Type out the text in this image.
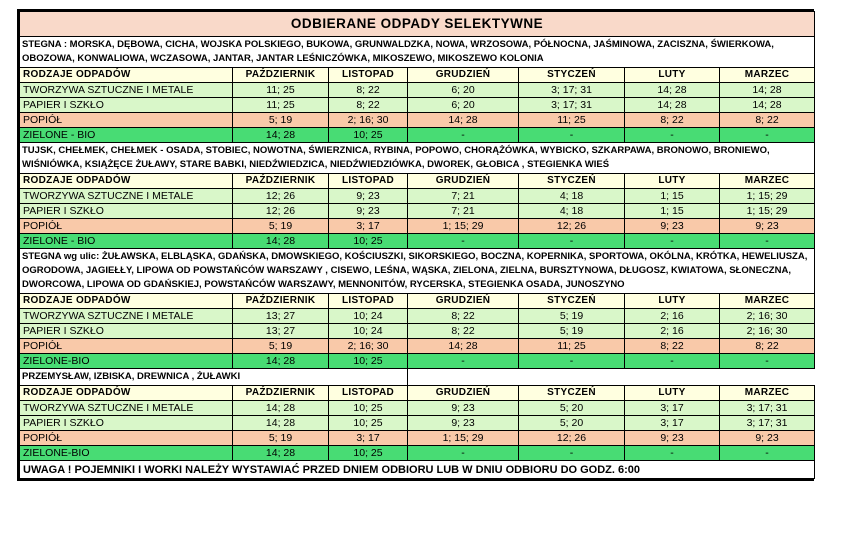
ODBIERANE ODPADY SELEKTYWNE						
STEGNA : MORSKA, DĘBOWA, CICHA, WOJSKA POLSKIEGO, BUKOWA, GRUNWALDZKA, NOWA, WRZOSOWA, PÓŁNOCNA, JAŚMINOWA, ZACISZNA, ŚWIERKOWA, OBOZOWA, KONWALIOWA, WCZASOWA, JANTAR, JANTAR LEŚNICZÓWKA, MIKOSZEWO, MIKOSZEWO KOLONIA						
RODZAJE ODPADÓW	PAŹDZIERNIK	LISTOPAD	GRUDZIEŃ	STYCZEŃ	LUTY	MARZEC
TWORZYWA SZTUCZNE I METALE	11; 25	8; 22	6; 20	3; 17; 31	14; 28	14; 28
PAPIER I SZKŁO	11; 25	8; 22	6; 20	3; 17; 31	14; 28	14; 28
POPIÓŁ	5; 19	2; 16; 30	14; 28	11; 25	8; 22	8; 22
ZIELONE - BIO	14; 28	10; 25	-	-	-	-
TUJSK, CHEŁMEK, CHEŁMEK - OSADA, STOBIEC, NOWOTNA, ŚWIERZNICA, RYBINA, POPOWO, CHORĄŻÓWKA, WYBICKO, SZKARPAWA, BRONOWO, BRONIEWO, WIŚNIÓWKA, KSIĄŻĘCE ŻUŁAWY, STARE BABKI, NIEDŹWIEDZICA, NIEDŹWIEDZIÓWKA, DWOREK, GŁOBICA , STEGIENKA WIEŚ						
RODZAJE ODPADÓW	PAŹDZIERNIK	LISTOPAD	GRUDZIEŃ	STYCZEŃ	LUTY	MARZEC
TWORZYWA SZTUCZNE I METALE	12; 26	9; 23	7; 21	4; 18	1; 15	1; 15; 29
PAPIER I SZKŁO	12; 26	9; 23	7; 21	4; 18	1; 15	1; 15; 29
POPIÓŁ	5; 19	3; 17	1; 15; 29	12; 26	9; 23	9; 23
ZIELONE - BIO	14; 28	10; 25	-	-	-	-
STEGNA wg ulic: ŻUŁAWSKA, ELBLĄSKA, GDAŃSKA, DMOWSKIEGO, KOŚCIUSZKI, SIKORSKIEGO, BOCZNA, KOPERNIKA, SPORTOWA, OKÓLNA, KRÓTKA, HEWELIUSZA, OGRODOWA, JAGIEŁŁY, LIPOWA OD POWSTAŃCÓW WARSZAWY , CISEWO, LEŚNA, WĄSKA, ZIELONA, ZIELNA, BURSZTYNOWA, DŁUGOSZ, KWIATOWA, SŁONECZNA, DWORCOWA, LIPOWA OD GDAŃSKIEJ, POWSTAŃCÓW WARSZAWY, MENNONITÓW, RYCERSKA, STEGIENKA OSADA, JUNOSZYNO						
RODZAJE ODPADÓW	PAŹDZIERNIK	LISTOPAD	GRUDZIEŃ	STYCZEŃ	LUTY	MARZEC
TWORZYWA SZTUCZNE I METALE	13; 27	10; 24	8; 22	5; 19	2; 16	2; 16; 30
PAPIER I SZKŁO	13; 27	10; 24	8; 22	5; 19	2; 16	2; 16; 30
POPIÓŁ	5; 19	2; 16; 30	14; 28	11; 25	8; 22	8; 22
ZIELONE-BIO	14; 28	10; 25	-	-	-	-
PRZEMYSŁAW, IZBISKA, DREWNICA , ŻUŁAWKI						
RODZAJE ODPADÓW	PAŹDZIERNIK	LISTOPAD	GRUDZIEŃ	STYCZEŃ	LUTY	MARZEC
TWORZYWA SZTUCZNE I METALE	14; 28	10; 25	9; 23	5; 20	3; 17	3; 17; 31
PAPIER I SZKŁO	14; 28	10; 25	9; 23	5; 20	3; 17	3; 17; 31
POPIÓŁ	5; 19	3; 17	1; 15; 29	12; 26	9; 23	9; 23
ZIELONE-BIO	14; 28	10; 25	-	-	-	-
UWAGA ! POJEMNIKI I WORKI NALEŻY WYSTAWIAĆ PRZED DNIEM ODBIORU LUB W DNIU ODBIORU DO GODZ. 6:00						
